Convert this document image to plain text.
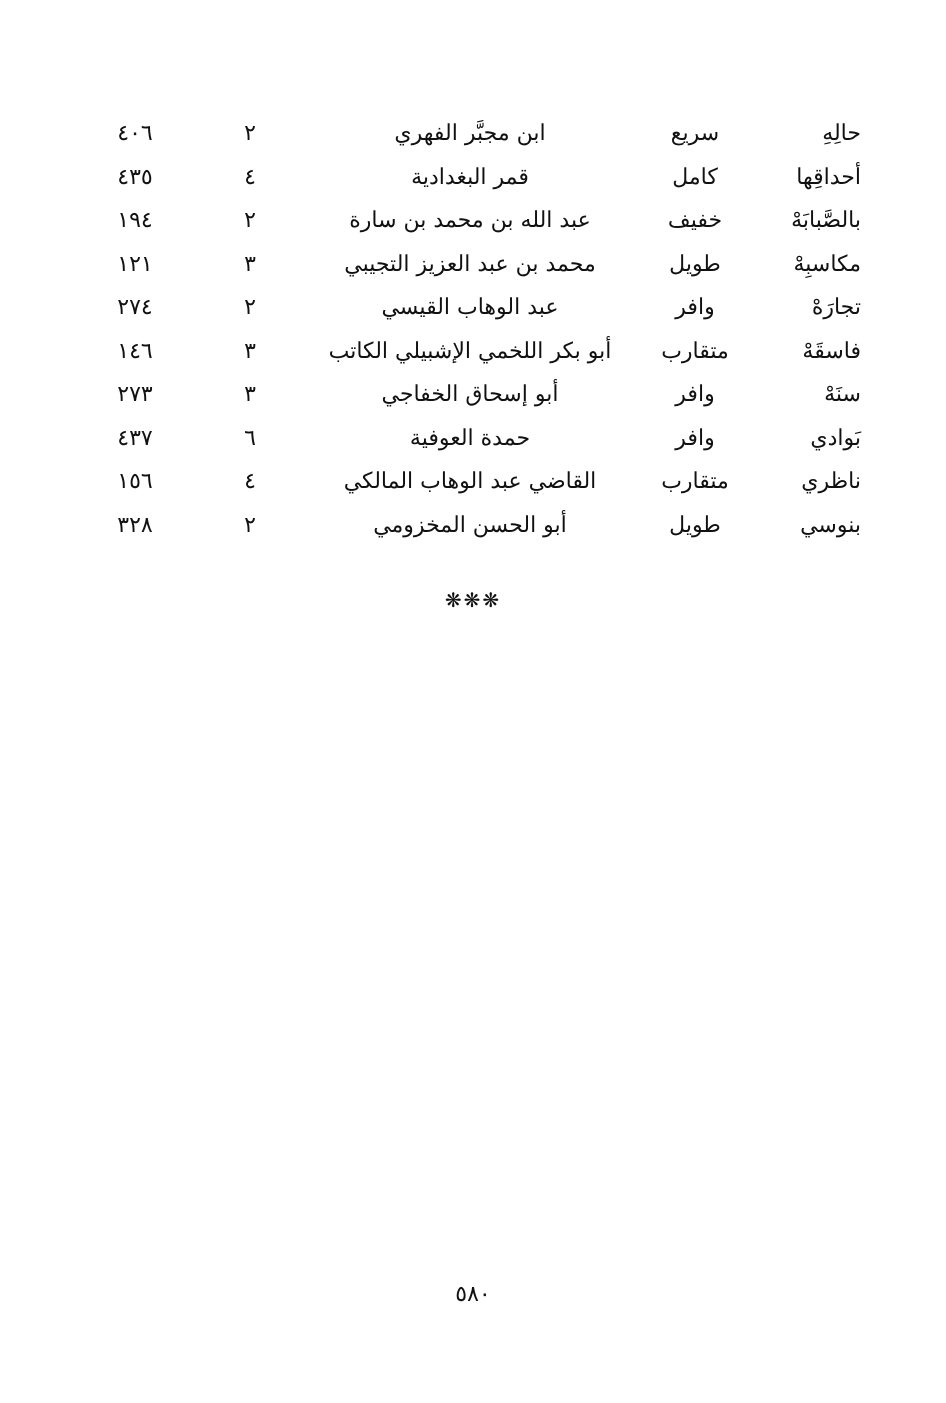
حالِهِ
سريع
ابن مجبَّر الفهري
٢
٤٠٦
أحداقِها
كامل
قمر البغدادية
٤
٤٣٥
بالصَّبابَهْ
خفيف
عبد الله بن محمد بن سارة
٢
١٩٤
مكاسبِهْ
طويل
محمد بن عبد العزيز التجيبي
٣
١٢١
تجارَهْ
وافر
عبد الوهاب القيسي
٢
٢٧٤
فاسقَهْ
متقارب
أبو بكر اللخمي الإشبيلي الكاتب
٣
١٤٦
سنَهْ
وافر
أبو إسحاق الخفاجي
٣
٢٧٣
بَوادي
وافر
حمدة العوفية
٦
٤٣٧
ناظري
متقارب
القاضي عبد الوهاب المالكي
٤
١٥٦
بنوسي
طويل
أبو الحسن المخزومي
٢
٣٢٨
❋❋❋
٥٨٠
